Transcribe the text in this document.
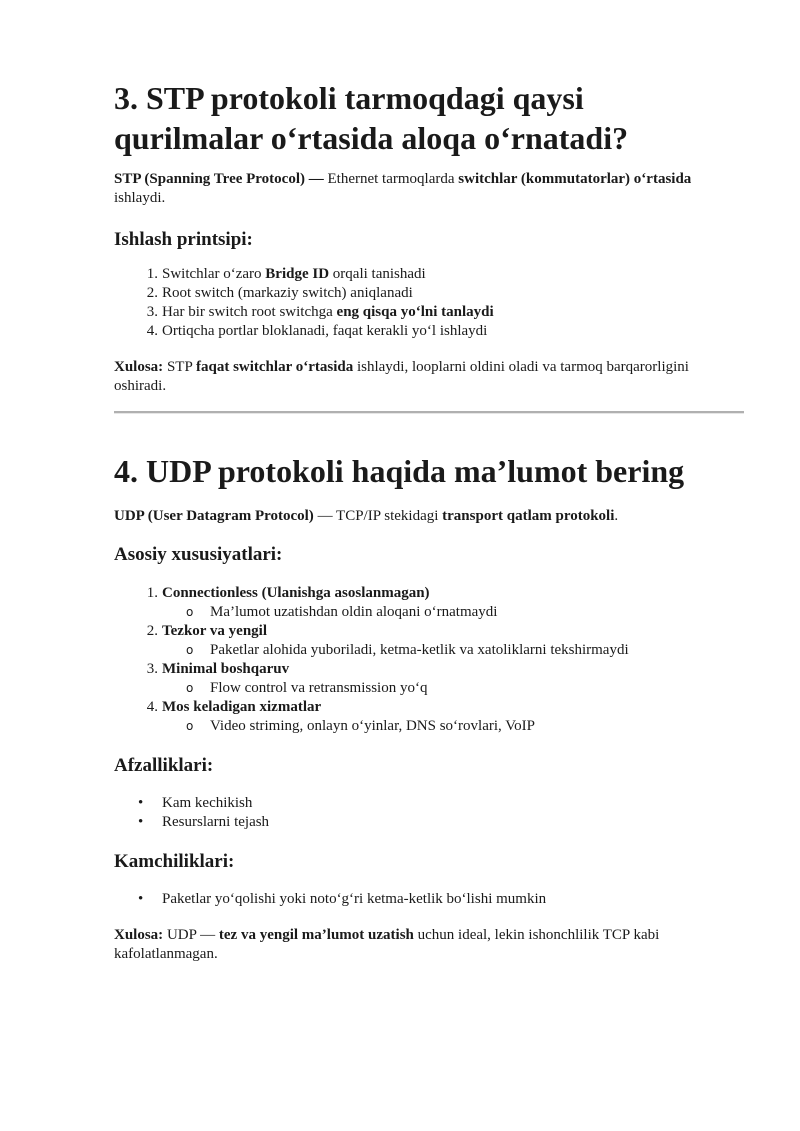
3. STP protokoli tarmoqdagi qaysi
qurilmalar o‘rtasida aloqa o‘rnatadi?
STP (Spanning Tree Protocol) — Ethernet tarmoqlarda switchlar (kommutatorlar) o‘rtasida
ishlaydi.
Ishlash printsipi:
1. Switchlar o‘zaro Bridge ID orqali tanishadi
2. Root switch (markaziy switch) aniqlanadi
3. Har bir switch root switchga eng qisqa yo‘lni tanlaydi
4. Ortiqcha portlar bloklanadi, faqat kerakli yo‘l ishlaydi
Xulosa: STP faqat switchlar o‘rtasida ishlaydi, looplarni oldini oladi va tarmoq barqarorligini
oshiradi.
4. UDP protokoli haqida ma’lumot bering
UDP (User Datagram Protocol) — TCP/IP stekidagi transport qatlam protokoli.
Asosiy xususiyatlari:
1. Connectionless (Ulanishga asoslanmagan)
o Ma’lumot uzatishdan oldin aloqani o‘rnatmaydi
2. Tezkor va yengil
o Paketlar alohida yuboriladi, ketma-ketlik va xatoliklarni tekshirmaydi
3. Minimal boshqaruv
o Flow control va retransmission yo‘q
4. Mos keladigan xizmatlar
o Video striming, onlayn o‘yinlar, DNS so‘rovlari, VoIP
Afzalliklari:
• Kam kechikish
• Resurslarni tejash
Kamchiliklari:
• Paketlar yo‘qolishi yoki noto‘g‘ri ketma-ketlik bo‘lishi mumkin
Xulosa: UDP — tez va yengil ma’lumot uzatish uchun ideal, lekin ishonchlilik TCP kabi
kafolatlanmagan.
